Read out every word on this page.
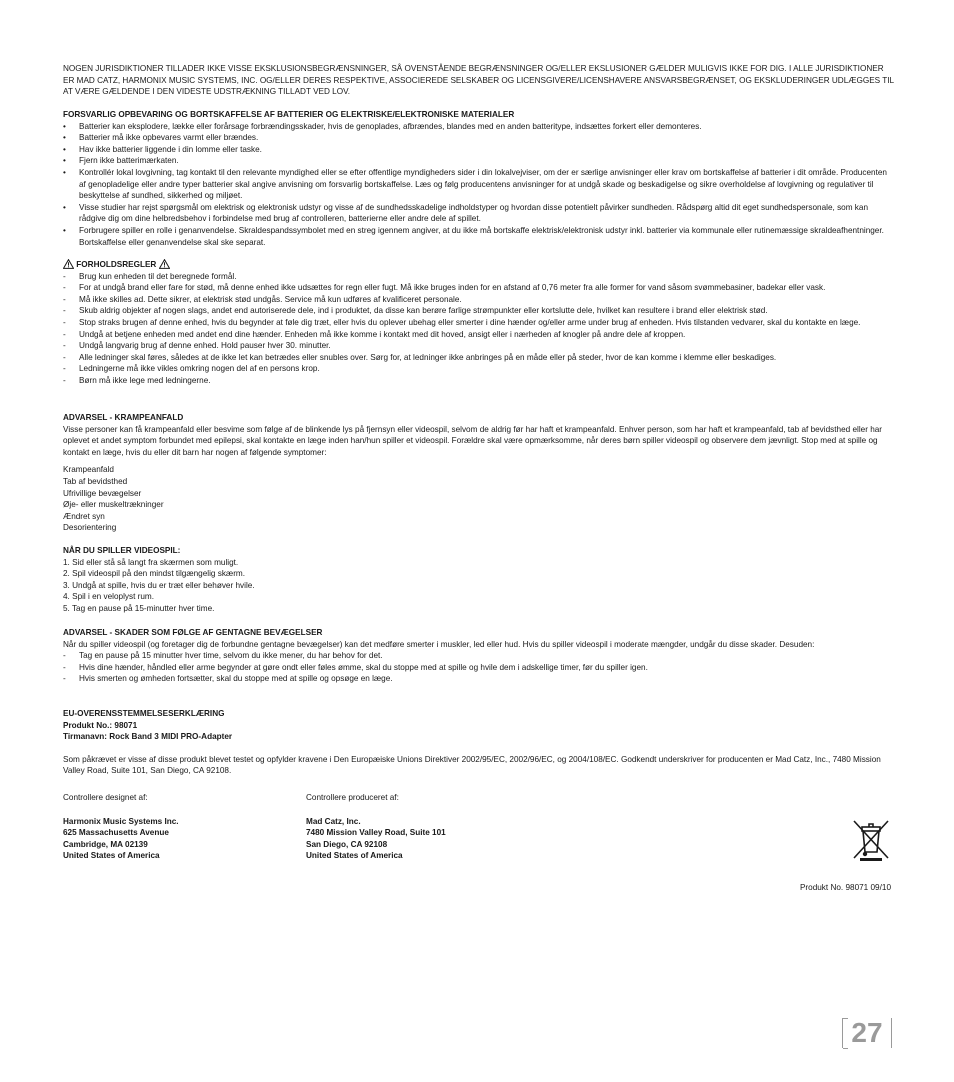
NOGEN JURISDIKTIONER TILLADER IKKE VISSE EKSKLUSIONSBEGRÆNSNINGER, SÅ OVENSTÅENDE BEGRÆNSNINGER OG/ELLER EKSLUSIONER GÆLDER MULIGVIS IKKE FOR DIG. I ALLE JURISDIKTIONER ER MAD CATZ, HARMONIX MUSIC SYSTEMS, INC. OG/ELLER DERES RESPEKTIVE, ASSOCIEREDE SELSKABER OG LICENSGIVERE/LICENSHAVERE ANSVARSBEGRÆNSET, OG EKSKLUDERINGER UDLÆGGES TIL AT VÆRE GÆLDENDE I DEN VIDESTE UDSTRÆKNING TILLADT VED LOV.

FORSVARLIG OPBEVARING OG BORTSKAFFELSE AF BATTERIER OG ELEKTRISKE/ELEKTRONISKE MATERIALER

• Batterier kan eksplodere, lække eller forårsage forbrændingsskader, hvis de genoplades, afbrændes, blandes med en anden batteritype, indsættes forkert eller demonteres.
• Batterier må ikke opbevares varmt eller brændes.
• Hav ikke batterier liggende i din lomme eller taske.
• Fjern ikke batterimærkaten.
• Kontrollér lokal lovgivning, tag kontakt til den relevante myndighed eller se efter offentlige myndigheders sider i din lokalvejviser, om der er særlige anvisninger eller krav om bortskaffelse af batterier i dit område. Producenten af genopladelige eller andre typer batterier skal angive anvisning om forsvarlig bortskaffelse. Læs og følg producentens anvisninger for at undgå skade og beskadigelse og sikre overholdelse af lovgivning og regulativer til beskyttelse af sundhed, sikkerhed og miljøet.
• Visse studier har rejst spørgsmål om elektrisk og elektronisk udstyr og visse af de sundhedsskadelige indholdstyper og hvordan disse potentielt påvirker sundheden. Rådspørg altid dit eget sundhedspersonale, som kan rådgive dig om dine helbredsbehov i forbindelse med brug af controlleren, batterierne eller andre dele af spillet.
• Forbrugere spiller en rolle i genanvendelse. Skraldespandssymbolet med en streg igennem angiver, at du ikke må bortskaffe elektrisk/elektronisk udstyr inkl. batterier via kommunale eller rutinemæssige skraldeafhentninger. Bortskaffelse eller genanvendelse skal ske separat.

FORHOLDSREGLER

- Brug kun enheden til det beregnede formål.
- For at undgå brand eller fare for stød, må denne enhed ikke udsættes for regn eller fugt. Må ikke bruges inden for en afstand af 0,76 meter fra alle former for vand såsom svømmebasiner, badekar eller vask.
- Må ikke skilles ad. Dette sikrer, at elektrisk stød undgås. Service må kun udføres af kvalificeret personale.
- Skub aldrig objekter af nogen slags, andet end autoriserede dele, ind i produktet, da disse kan berøre farlige strømpunkter eller kortslutte dele, hvilket kan resultere i brand eller elektrisk stød.
- Stop straks brugen af denne enhed, hvis du begynder at føle dig træt, eller hvis du oplever ubehag eller smerter i dine hænder og/eller arme under brug af enheden. Hvis tilstanden vedvarer, skal du kontakte en læge.
- Undgå at betjene enheden med andet end dine hænder. Enheden må ikke komme i kontakt med dit hoved, ansigt eller i nærheden af knogler på andre dele af kroppen.
- Undgå langvarig brug af denne enhed. Hold pauser hver 30. minutter.
- Alle ledninger skal føres, således at de ikke let kan betrædes eller snubles over. Sørg for, at ledninger ikke anbringes på en måde eller på steder, hvor de kan komme i klemme eller beskadiges.
- Ledningerne må ikke vikles omkring nogen del af en persons krop.
- Børn må ikke lege med ledningerne.

ADVARSEL - KRAMPEANFALD

Visse personer kan få krampeanfald eller besvime som følge af de blinkende lys på fjernsyn eller videospil, selvom de aldrig før har haft et krampeanfald. Enhver person, som har haft et krampeanfald, tab af bevidsthed eller har oplevet et andet symptom forbundet med epilepsi, skal kontakte en læge inden han/hun spiller et videospil. Forældre skal være opmærksomme, når deres børn spiller videospil og observere dem jævnligt. Stop med at spille og kontakt en læge, hvis du eller dit barn har nogen af følgende symptomer:

Krampeanfald

Tab af bevidsthed

Ufrivillige bevægelser

Øje- eller muskeltrækninger

Ændret syn

Desorientering

NÅR DU SPILLER VIDEOSPIL:

1. Sid eller stå så langt fra skærmen som muligt.

2. Spil videospil på den mindst tilgængelig skærm.

3. Undgå at spille, hvis du er træt eller behøver hvile.

4. Spil i en veloplyst rum.

5. Tag en pause på 15-minutter hver time.

ADVARSEL - SKADER SOM FØLGE AF GENTAGNE BEVÆGELSER

Når du spiller videospil (og foretager dig de forbundne gentagne bevægelser) kan det medføre smerter i muskler, led eller hud. Hvis du spiller videospil i moderate mængder, undgår du disse skader. Desuden:

- Tag en pause på 15 minutter hver time, selvom du ikke mener, du har behov for det.
- Hvis dine hænder, håndled eller arme begynder at gøre ondt eller føles ømme, skal du stoppe med at spille og hvile dem i adskellige timer, før du spiller igen.
- Hvis smerten og ømheden fortsætter, skal du stoppe med at spille og opsøge en læge.

EU-OVERENSSTEMMELSESERKLÆRING

Produkt No.: 98071

Tirmanavn: Rock Band 3 MIDI PRO-Adapter

Som påkrævet er visse af disse produkt blevet testet og opfylder kravene i Den Europæiske Unions Direktiver 2002/95/EC, 2002/96/EC, og 2004/108/EC. Godkendt underskriver for producenten er Mad Catz, Inc., 7480 Mission Valley Road, Suite 101, San Diego, CA 92108.

Controllere designet af:

Harmonix Music Systems Inc.

625 Massachusetts Avenue

Cambridge, MA 02139

United States of America

Controllere produceret af:

Mad Catz, Inc.

7480 Mission Valley Road, Suite 101

San Diego, CA 92108

United States of America

Produkt No. 98071 09/10

27
